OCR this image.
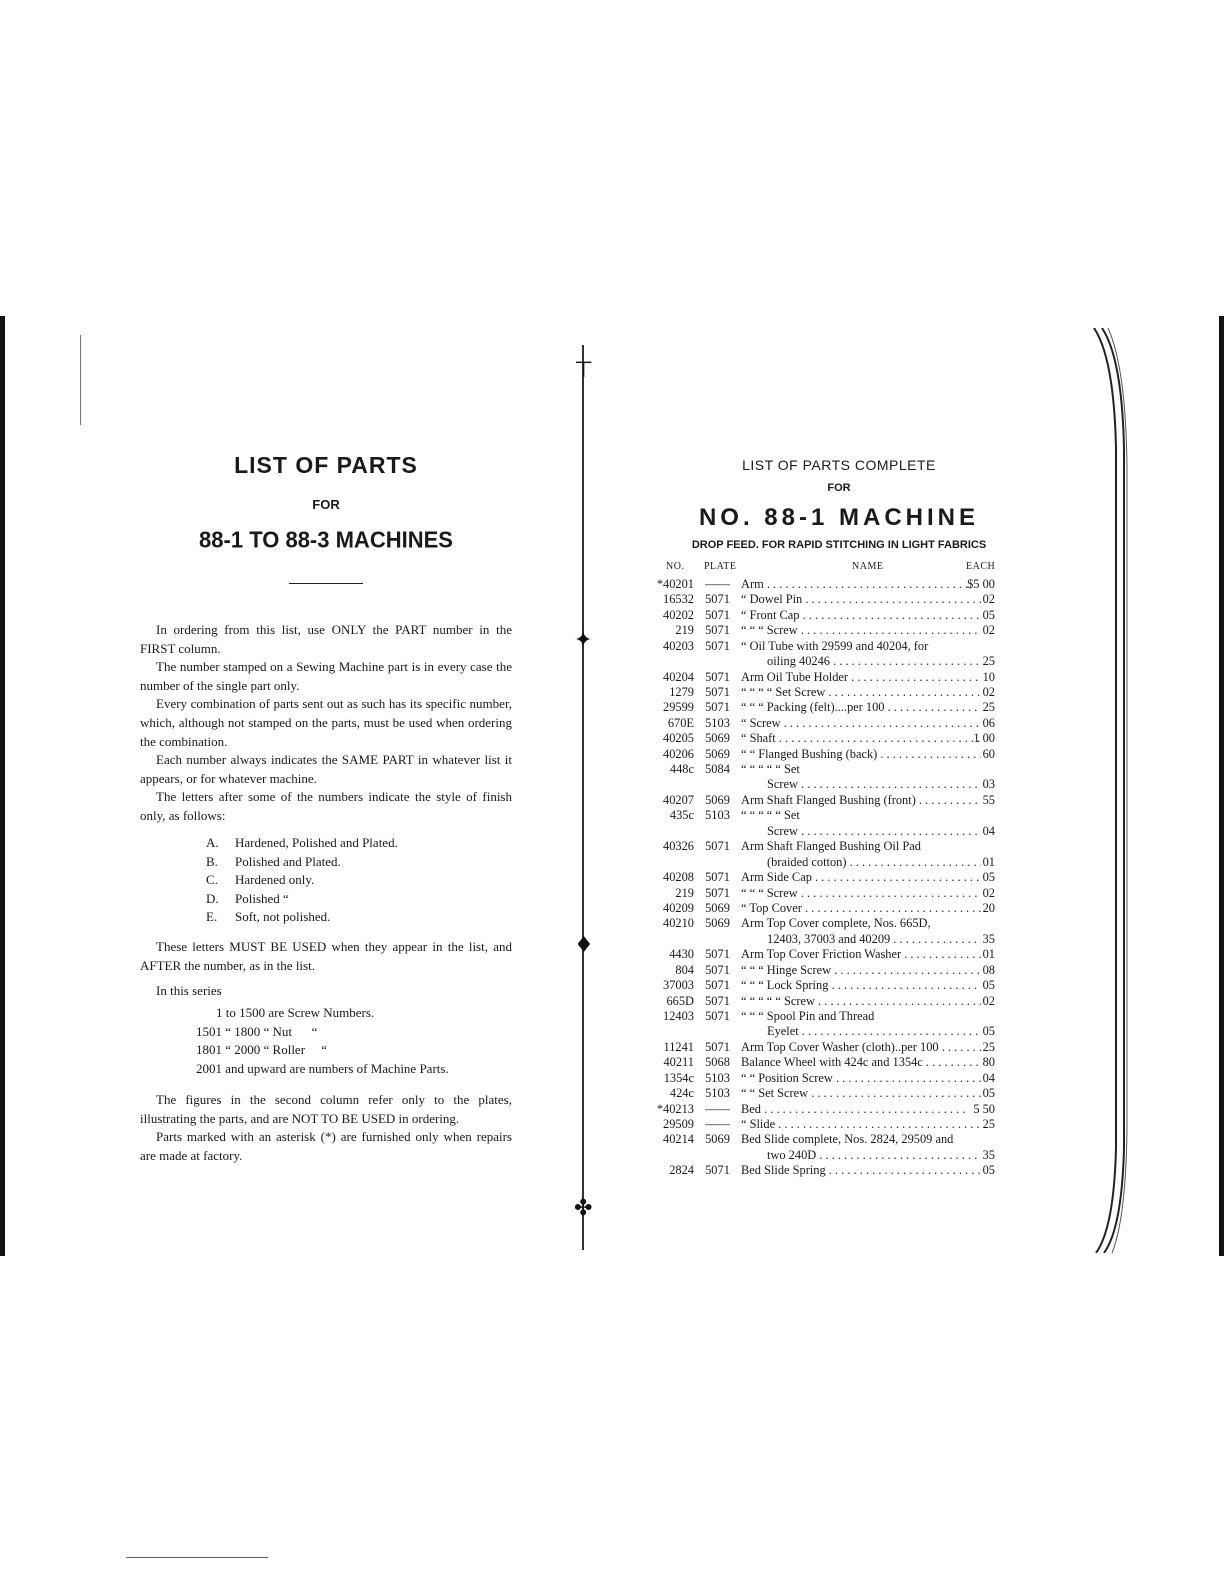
⊤
✦
♦
✤
LIST OF PARTS
FOR
88-1 TO 88-3 MACHINES

In ordering from this list, use ONLY the PART number in the FIRST column.

The number stamped on a Sewing Machine part is in every case the number of the single part only.

Every combination of parts sent out as such has its specific number, which, although not stamped on the parts, must be used when ordering the combination.

Each number always indicates the SAME PART in whatever list it appears, or for whatever machine.

The letters after some of the numbers indicate the style of finish only, as follows:

A. Hardened, Polished and Plated.
B. Polished and Plated.
C. Hardened only.
D. Polished “
E. Soft, not polished.

These letters MUST BE USED when they appear in the list, and AFTER the number, as in the list.

In this series
1 to 1500 are Screw Numbers.
1501 “ 1800 “ Nut      “
1801 “ 2000 “ Roller     “
2001 and upward are numbers of Machine Parts.

The figures in the second column refer only to the plates, illustrating the parts, and are NOT TO BE USED in ordering.

Parts marked with an asterisk (*) are furnished only when repairs are made at factory.

LIST OF PARTS COMPLETE
FOR
NO. 88-1 MACHINE
DROP FEED. FOR RAPID STITCHING IN LIGHT FABRICS
NO. PLATE	NAME	EACH
*40201 —— Arm . . .	$5 00
16532 5071 “ Dowel Pin . . .	02
40202 5071 “ Front Cap . . .	05
219 5071 “ “ “ Screw . . .	02
40203 5071 “ Oil Tube with 29599 and 40204, for
oiling 40246 . . .	25
40204 5071 Arm Oil Tube Holder . . .	10
1279 5071 “ “ “ “ Set Screw . . .	02
29599 5071 “ “ “ Packing (felt)....per 100 . . .	25
670E 5103 “ Screw . . .	06
40205 5069 “ Shaft . . .	1 00
40206 5069 “ “ Flanged Bushing (back) . . .	60
448c 5084 “ “ “ “ “ Set
Screw . . .	03
40207 5069 Arm Shaft Flanged Bushing (front) . . .	55
435c 5103 “ “ “ “ “ Set
Screw . . .	04
40326 5071 Arm Shaft Flanged Bushing Oil Pad
(braided cotton) . . .	01
40208 5071 Arm Side Cap . . .	05
219 5071 “ “ “ Screw . . .	02
40209 5069 “ Top Cover . . .	20
40210 5069 Arm Top Cover complete, Nos. 665D,
12403, 37003 and 40209 . . .	35
4430 5071 Arm Top Cover Friction Washer . . .	01
804 5071 “ “ “ Hinge Screw . . .	08
37003 5071 “ “ “ Lock Spring . . .	05
665D 5071 “ “ “ “ “ Screw . . .	02
12403 5071 “ “ “ Spool Pin and Thread
Eyelet . . .	05
11241 5071 Arm Top Cover Washer (cloth)..per 100 . . .	25
40211 5068 Balance Wheel with 424c and 1354c . . .	80
1354c 5103 “ “ Position Screw . . .	04
424c 5103 “ “ Set Screw . . .	05
*40213 —— Bed . . .	5 50
29509 —— “ Slide . . .	25
40214 5069 Bed Slide complete, Nos. 2824, 29509 and
two 240D . . .	35
2824 5071 Bed Slide Spring . . .	05
